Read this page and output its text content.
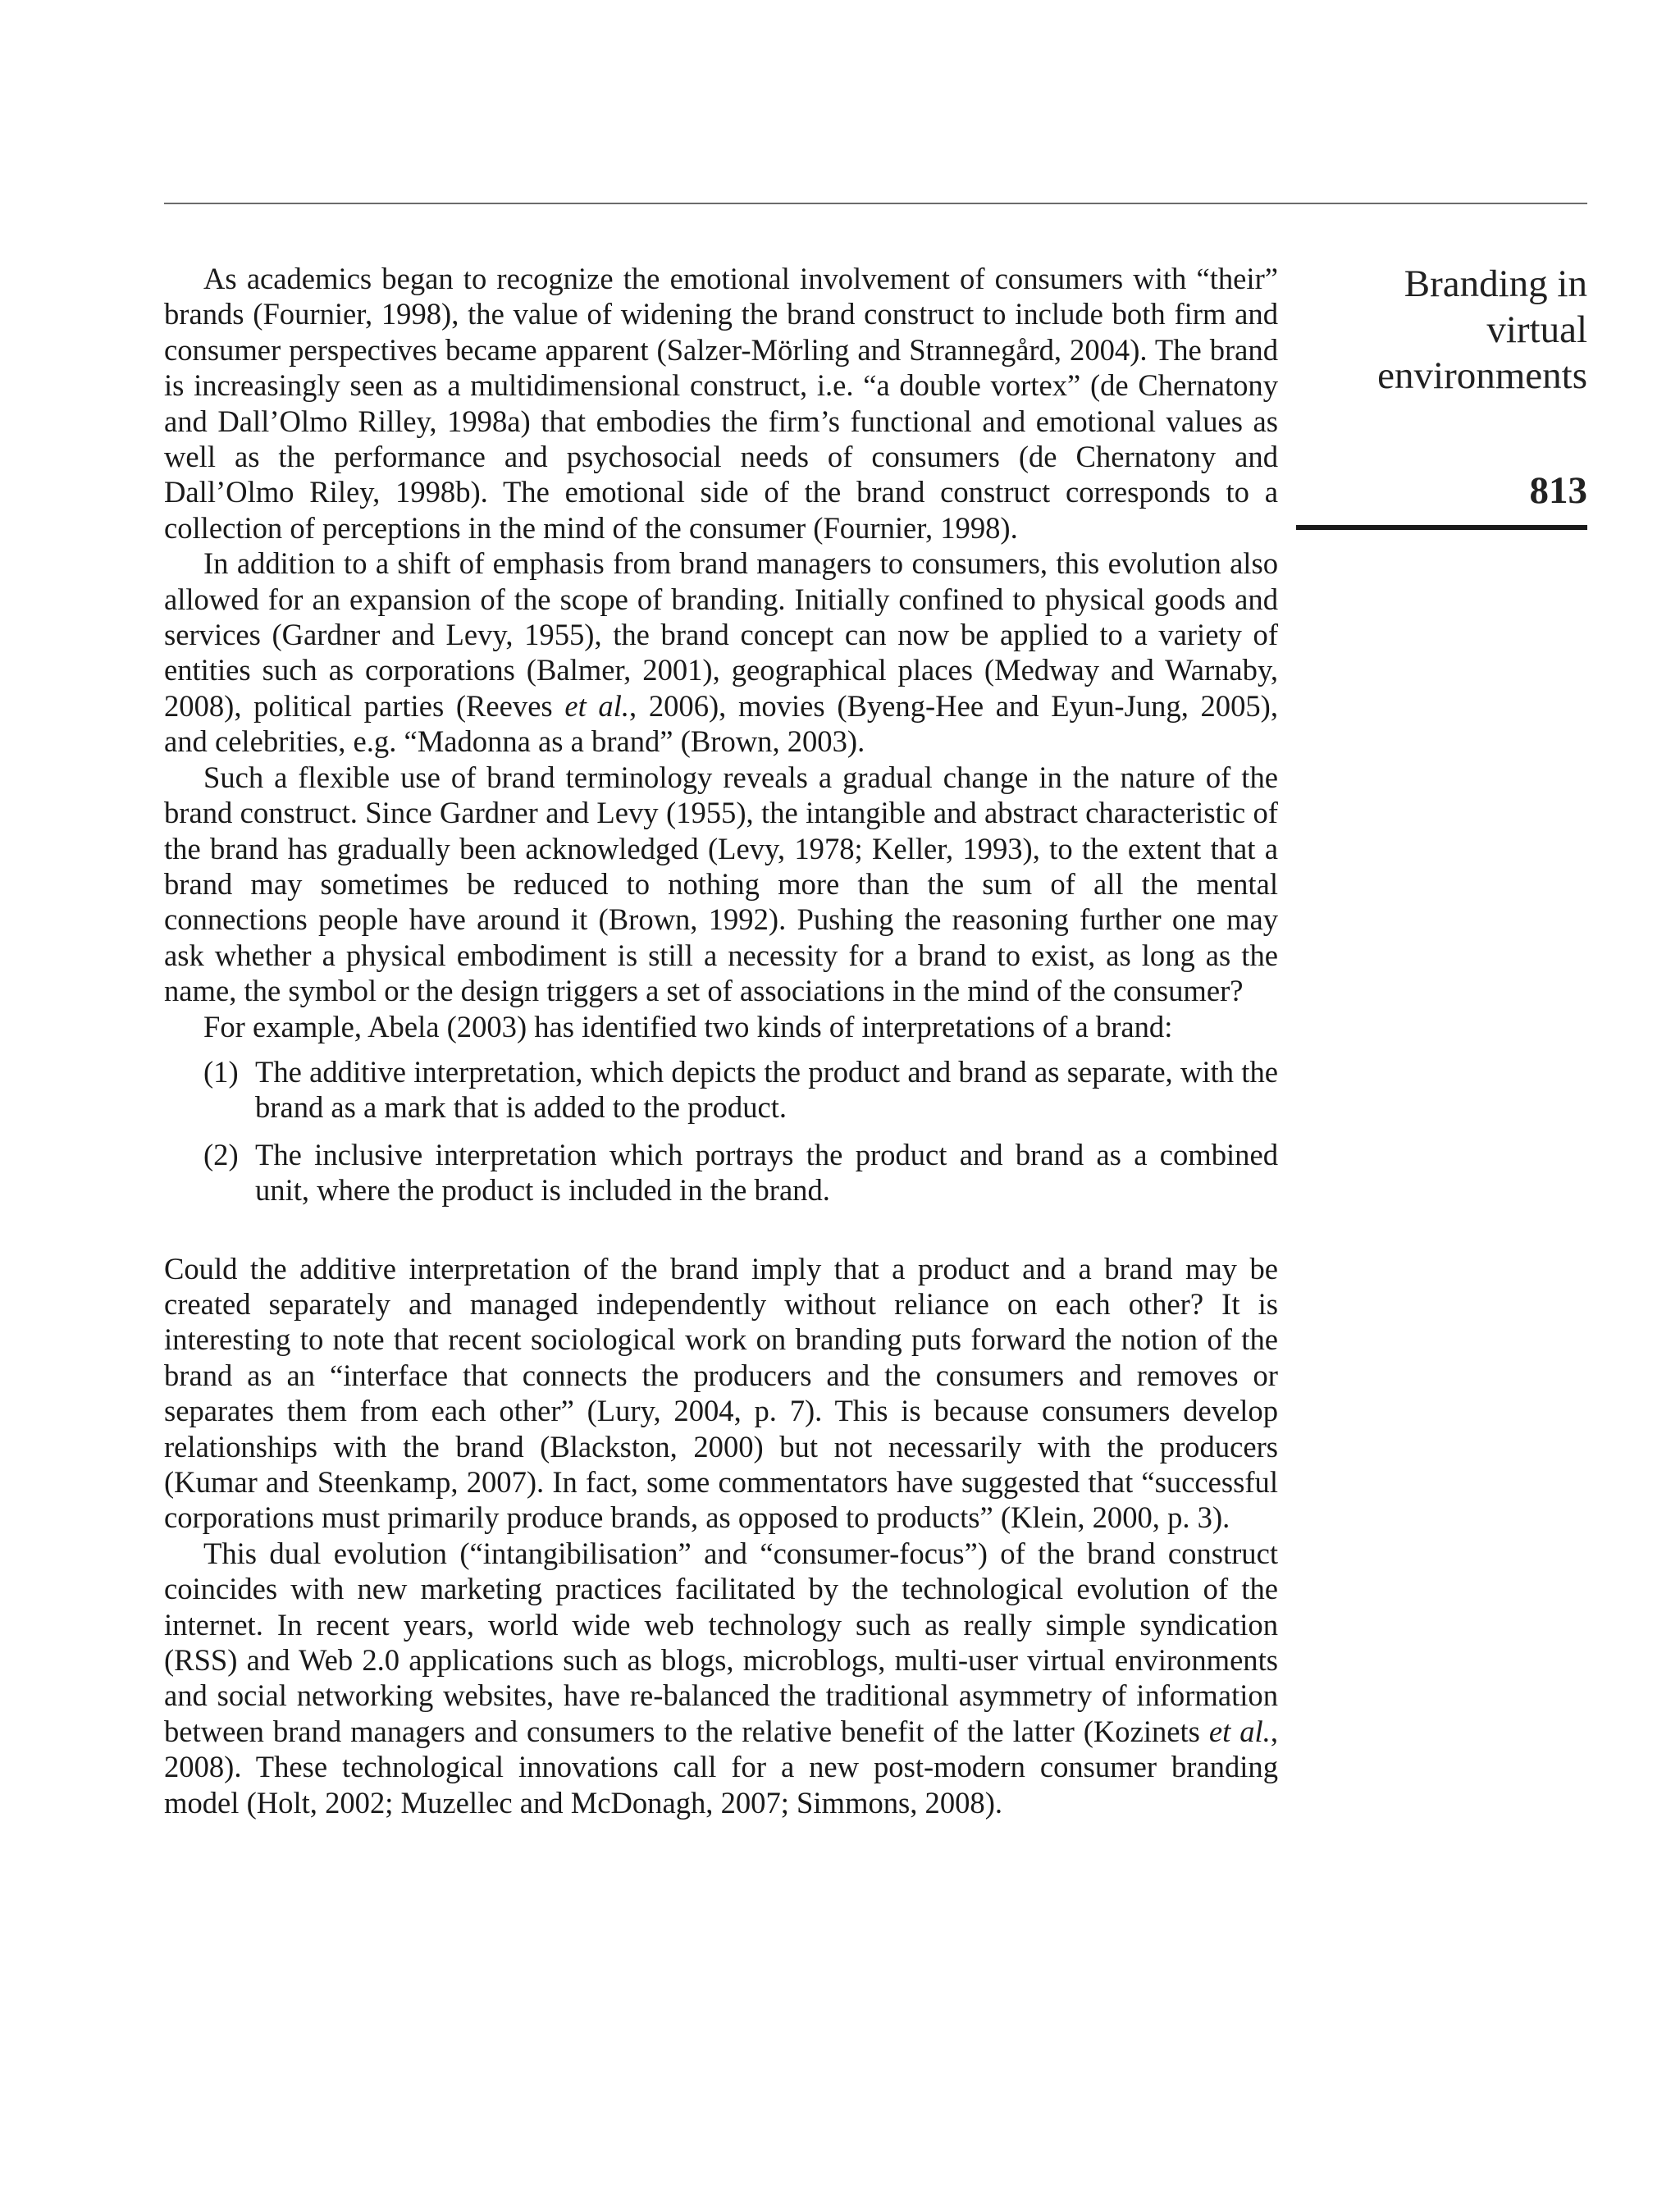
Branding in
virtual
environments
813

As academics began to recognize the emotional involvement of consumers with “their” brands (Fournier, 1998), the value of widening the brand construct to include both firm and consumer perspectives became apparent (Salzer-Mörling and Strannegård, 2004). The brand is increasingly seen as a multidimensional construct, i.e. “a double vortex” (de Chernatony and Dall’Olmo Rilley, 1998a) that embodies the firm’s functional and emotional values as well as the performance and psychosocial needs of consumers (de Chernatony and Dall’Olmo Riley, 1998b). The emotional side of the brand construct corresponds to a collection of perceptions in the mind of the consumer (Fournier, 1998).

In addition to a shift of emphasis from brand managers to consumers, this evolution also allowed for an expansion of the scope of branding. Initially confined to physical goods and services (Gardner and Levy, 1955), the brand concept can now be applied to a variety of entities such as corporations (Balmer, 2001), geographical places (Medway and Warnaby, 2008), political parties (Reeves et al., 2006), movies (Byeng-Hee and Eyun-Jung, 2005), and celebrities, e.g. “Madonna as a brand” (Brown, 2003).

Such a flexible use of brand terminology reveals a gradual change in the nature of the brand construct. Since Gardner and Levy (1955), the intangible and abstract characteristic of the brand has gradually been acknowledged (Levy, 1978; Keller, 1993), to the extent that a brand may sometimes be reduced to nothing more than the sum of all the mental connections people have around it (Brown, 1992). Pushing the reasoning further one may ask whether a physical embodiment is still a necessity for a brand to exist, as long as the name, the symbol or the design triggers a set of associations in the mind of the consumer?

For example, Abela (2003) has identified two kinds of interpretations of a brand:

(1) The additive interpretation, which depicts the product and brand as separate, with the brand as a mark that is added to the product.
(2) The inclusive interpretation which portrays the product and brand as a combined unit, where the product is included in the brand.

Could the additive interpretation of the brand imply that a product and a brand may be created separately and managed independently without reliance on each other? It is interesting to note that recent sociological work on branding puts forward the notion of the brand as an “interface that connects the producers and the consumers and removes or separates them from each other” (Lury, 2004, p. 7). This is because consumers develop relationships with the brand (Blackston, 2000) but not necessarily with the producers (Kumar and Steenkamp, 2007). In fact, some commentators have suggested that “successful corporations must primarily produce brands, as opposed to products” (Klein, 2000, p. 3).

This dual evolution (“intangibilisation” and “consumer-focus”) of the brand construct coincides with new marketing practices facilitated by the technological evolution of the internet. In recent years, world wide web technology such as really simple syndication (RSS) and Web 2.0 applications such as blogs, microblogs, multi-user virtual environments and social networking websites, have re-balanced the traditional asymmetry of information between brand managers and consumers to the relative benefit of the latter (Kozinets et al., 2008). These technological innovations call for a new post-modern consumer branding model (Holt, 2002; Muzellec and McDonagh, 2007; Simmons, 2008).
